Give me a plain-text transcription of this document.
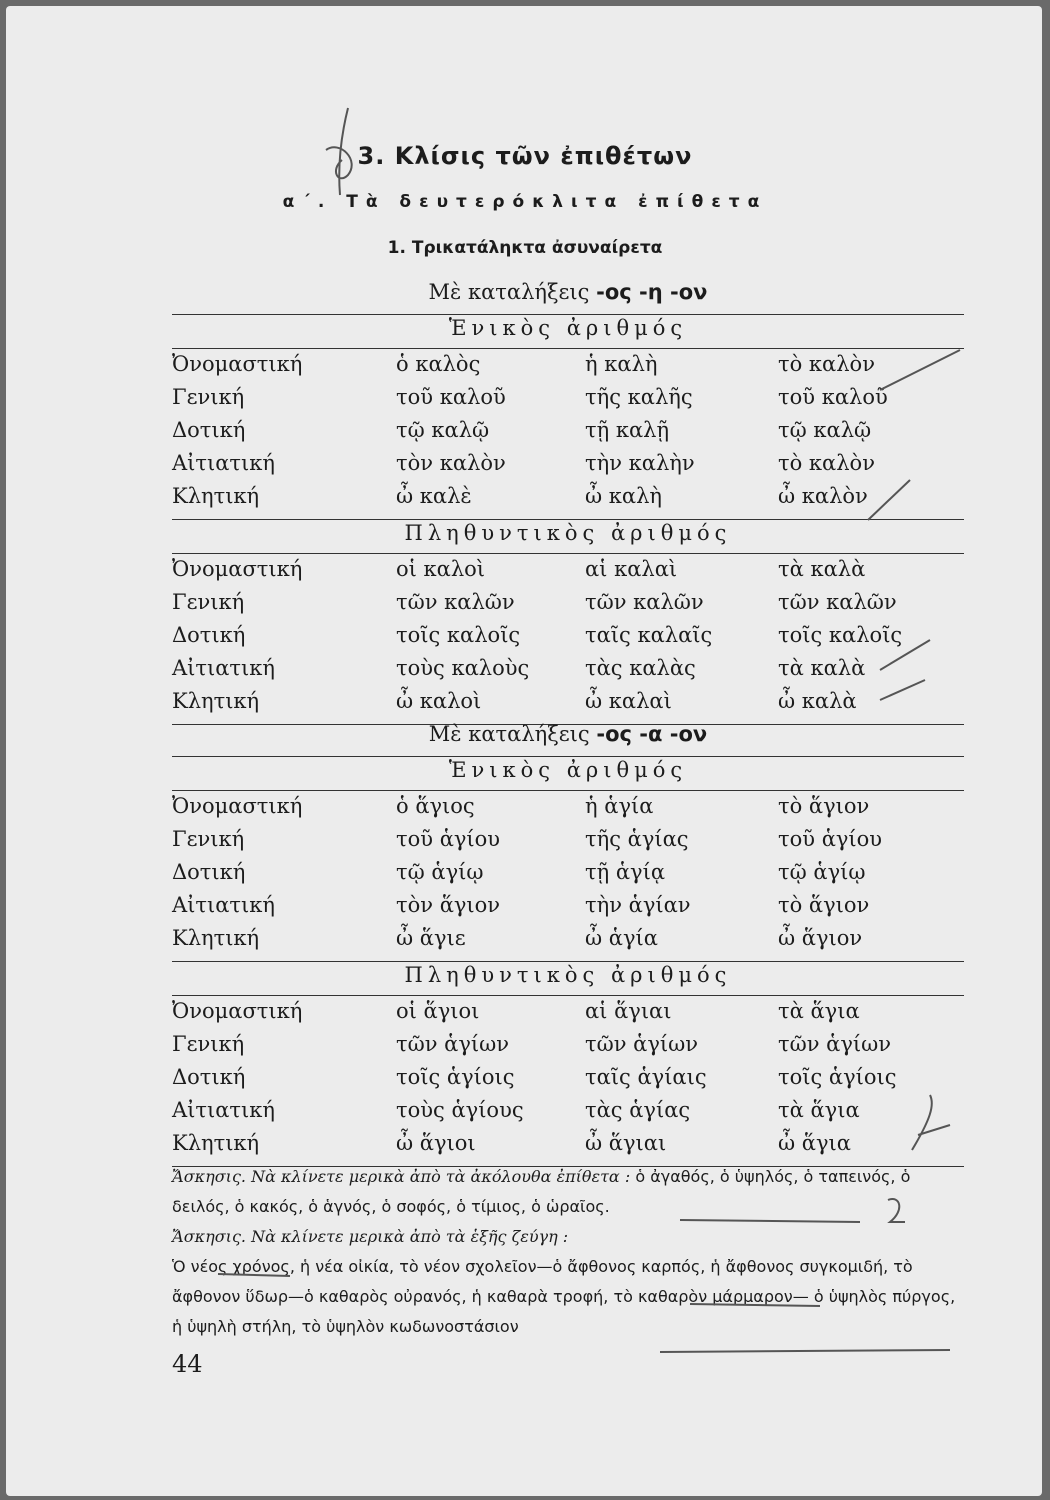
3. Κλίσις τῶν ἐπιθέτων
α΄. Τὰ δευτερόκλιτα ἐπίθετα
1. Τρικατάληκτα ἀσυναίρετα
Μὲ καταλήξεις -ος -η -ον
Ἑνικὸς ἀριθμός
Ὀνομαστική	ὁ καλὸς	ἡ καλὴ	τὸ καλὸν
Γενική	τοῦ καλοῦ	τῆς καλῆς	τοῦ καλοῦ
Δοτική	τῷ καλῷ	τῇ καλῇ	τῷ καλῷ
Αἰτιατική	τὸν καλὸν	τὴν καλὴν	τὸ καλὸν
Κλητική	ὦ καλὲ	ὦ καλὴ	ὦ καλὸν
Πληθυντικὸς ἀριθμός
Ὀνομαστική	οἱ καλοὶ	αἱ καλαὶ	τὰ καλὰ
Γενική	τῶν καλῶν	τῶν καλῶν	τῶν καλῶν
Δοτική	τοῖς καλοῖς	ταῖς καλαῖς	τοῖς καλοῖς
Αἰτιατική	τοὺς καλοὺς	τὰς καλὰς	τὰ καλὰ
Κλητική	ὦ καλοὶ	ὦ καλαὶ	ὦ καλὰ
Μὲ καταλήξεις -ος -α -ον
Ἑνικὸς ἀριθμός
Ὀνομαστική	ὁ ἅγιος	ἡ ἁγία	τὸ ἅγιον
Γενική	τοῦ ἁγίου	τῆς ἁγίας	τοῦ ἁγίου
Δοτική	τῷ ἁγίῳ	τῇ ἁγίᾳ	τῷ ἁγίῳ
Αἰτιατική	τὸν ἅγιον	τὴν ἁγίαν	τὸ ἅγιον
Κλητική	ὦ ἅγιε	ὦ ἁγία	ὦ ἅγιον
Πληθυντικὸς ἀριθμός
Ὀνομαστική	οἱ ἅγιοι	αἱ ἅγιαι	τὰ ἅγια
Γενική	τῶν ἁγίων	τῶν ἁγίων	τῶν ἁγίων
Δοτική	τοῖς ἁγίοις	ταῖς ἁγίαις	τοῖς ἁγίοις
Αἰτιατική	τοὺς ἁγίους	τὰς ἁγίας	τὰ ἅγια
Κλητική	ὦ ἅγιοι	ὦ ἅγιαι	ὦ ἅγια
Ἄσκησις. Νὰ κλίνετε μερικὰ ἀπὸ τὰ ἀκόλουθα ἐπίθετα : ὁ ἀγαθός, ὁ ὑψηλός, ὁ ταπεινός, ὁ δειλός, ὁ κακός, ὁ ἁγνός, ὁ σοφός, ὁ τίμιος, ὁ ὡραῖος.
Ἄσκησις. Νὰ κλίνετε μερικὰ ἀπὸ τὰ ἑξῆς ζεύγη :
Ὁ νέος χρόνος, ἡ νέα οἰκία, τὸ νέον σχολεῖον—ὁ ἄφθονος καρπός, ἡ ἄφθονος συγκομιδή, τὸ ἄφθονον ὕδωρ—ὁ καθαρὸς οὐρανός, ἡ καθαρὰ τροφή, τὸ καθαρὸν μάρμαρον— ὁ ὑψηλὸς πύργος, ἡ ὑψηλὴ στήλη, τὸ ὑψηλὸν κωδωνοστάσιον
44
